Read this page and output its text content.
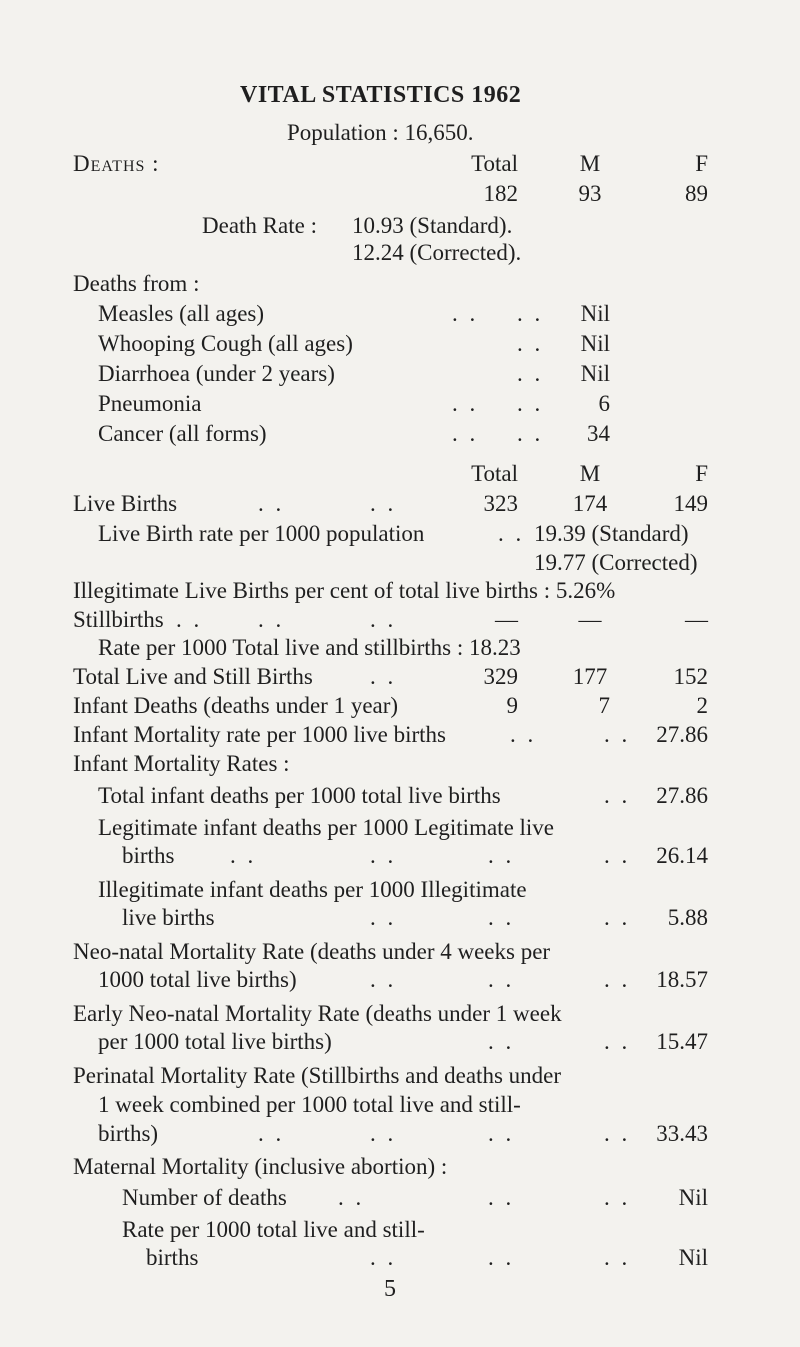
VITAL STATISTICS 1962
Population : 16,650.
Deaths :	Total	M	F
182	93	89
Death Rate : 10.93 (Standard).
12.24 (Corrected).
Deaths from :
Measles (all ages)	. . . .	Nil
Whooping Cough (all ages)	. .	Nil
Diarrhoea (under 2 years)	. .	Nil
Pneumonia	. . . .	6
Cancer (all forms)	. . . .	34
Total	M	F
Live Births	. .	. .	323	174	149
Live Birth rate per 1000 population	. . 19.39 (Standard)
19.77 (Corrected)
Illegitimate Live Births per cent of total live births : 5.26%
Stillbirths . . . .	. .	—	—	—
Rate per 1000 Total live and stillbirths : 18.23
Total Live and Still Births . .	329	177	152
Infant Deaths (deaths under 1 year)	9	7	2
Infant Mortality rate per 1000 live births	. .	. .	27.86
Infant Mortality Rates :
Total infant deaths per 1000 total live births	. .	27.86
Legitimate infant deaths per 1000 Legitimate live
births . .	. .	. .	. .	26.14
Illegitimate infant deaths per 1000 Illegitimate
live births	. .	. .	. .	5.88
Neo-natal Mortality Rate (deaths under 4 weeks per
1000 total live births)	. .	. .	. .	18.57
Early Neo-natal Mortality Rate (deaths under 1 week
per 1000 total live births)	. .	. .	15.47
Perinatal Mortality Rate (Stillbirths and deaths under
1 week combined per 1000 total live and still-
births)	. .	. .	. .	. .	33.43
Maternal Mortality (inclusive abortion) :
Number of deaths . .	. .	. .	Nil
Rate per 1000 total live and still-
births	. .	. .	. .	Nil
5
